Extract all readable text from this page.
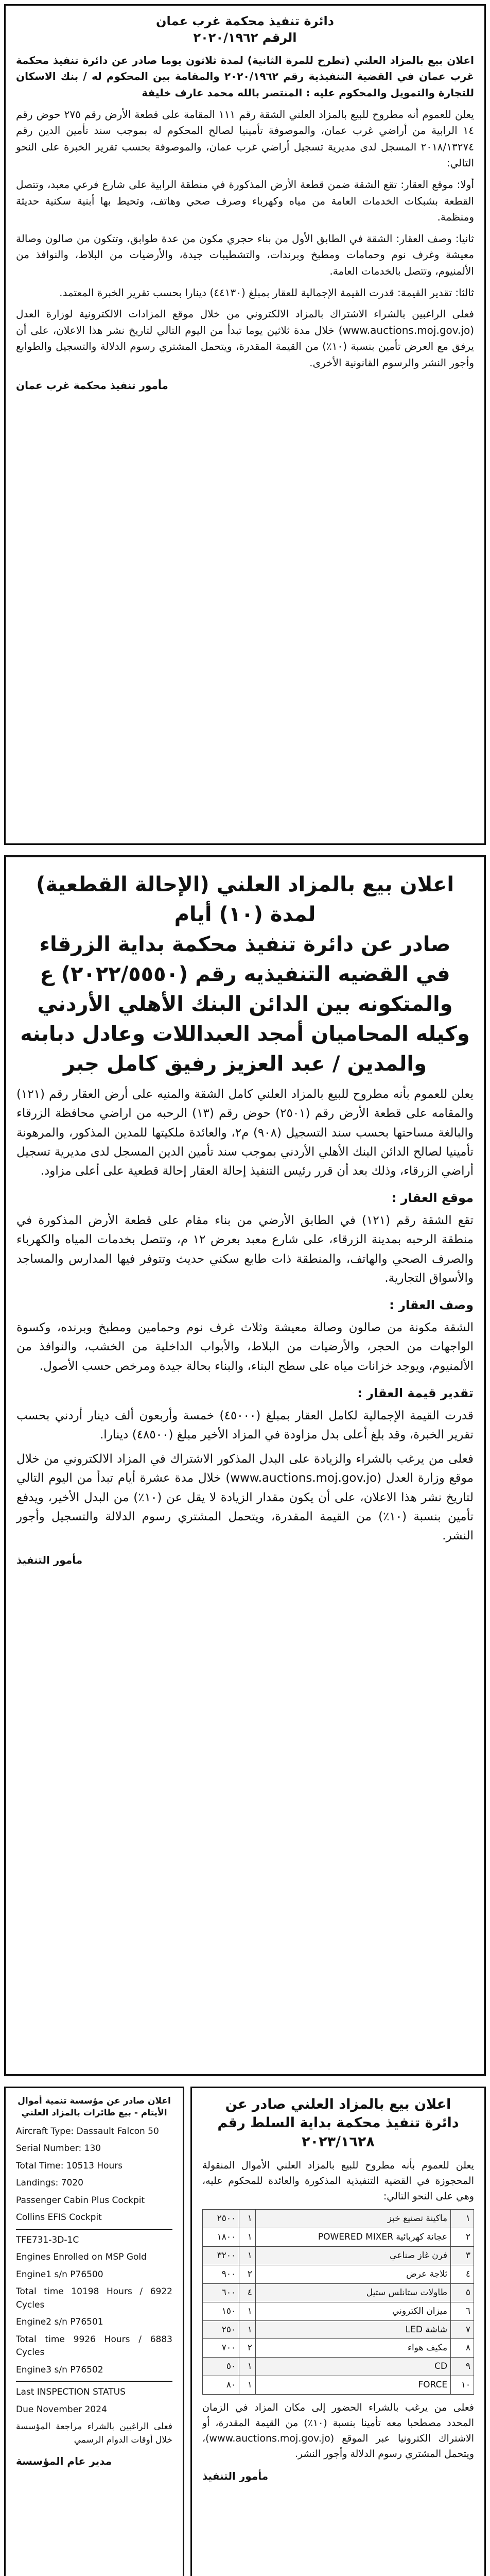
دائرة تنفيذ محكمة غرب عمان
الرقم ٢٠٢٠/١٩٦٢

اعلان بيع بالمزاد العلني (تطرح للمرة الثانية) لمدة ثلاثون يوما صادر عن دائرة تنفيذ محكمة غرب عمان في القضية التنفيذية رقم ٢٠٢٠/١٩٦٢ والمقامة بين المحكوم له / بنك الاسكان للتجارة والتمويل والمحكوم عليه : المنتصر بالله محمد عارف خليفة

يعلن للعموم أنه مطروح للبيع بالمزاد العلني الشقة رقم ١١١ المقامة على قطعة الأرض رقم ٢٧٥ حوض رقم ١٤ الرابية من أراضي غرب عمان، والموصوفة تأمينيا لصالح المحكوم له بموجب سند تأمين الدين رقم ٢٠١٨/١٣٢٧٤ المسجل لدى مديرية تسجيل أراضي غرب عمان، والموصوفة بحسب تقرير الخبرة على النحو التالي:

أولا: موقع العقار: تقع الشقة ضمن قطعة الأرض المذكورة في منطقة الرابية على شارع فرعي معبد، وتتصل القطعة بشبكات الخدمات العامة من مياه وكهرباء وصرف صحي وهاتف، وتحيط بها أبنية سكنية حديثة ومنظمة.

ثانيا: وصف العقار: الشقة في الطابق الأول من بناء حجري مكون من عدة طوابق، وتتكون من صالون وصالة معيشة وغرف نوم وحمامات ومطبخ وبرندات، والتشطيبات جيدة، والأرضيات من البلاط، والنوافذ من الألمنيوم، وتتصل بالخدمات العامة.

ثالثا: تقدير القيمة: قدرت القيمة الإجمالية للعقار بمبلغ (٤٤١٣٠) دينارا بحسب تقرير الخبرة المعتمد.

فعلى الراغبين بالشراء الاشتراك بالمزاد الالكتروني من خلال موقع المزادات الالكترونية لوزارة العدل (www.auctions.moj.gov.jo) خلال مدة ثلاثين يوما تبدأ من اليوم التالي لتاريخ نشر هذا الاعلان، على أن يرفق مع العرض تأمين بنسبة (١٠٪) من القيمة المقدرة، ويتحمل المشتري رسوم الدلالة والتسجيل والطوابع وأجور النشر والرسوم القانونية الأخرى.

مأمور تنفيذ محكمة غرب عمان
اعلان بيع بالمزاد العلني (الإحالة القطعية) لمدة (١٠) أيام
صادر عن دائرة تنفيذ محكمة بداية الزرقاء
في القضيه التنفيذيه رقم (٢٠٢٢/٥٥٥٠) ع
والمتكونه بين الدائن البنك الأهلي الأردني
وكيله المحاميان أمجد العبداللات وعادل دبابنه
والمدين / عبد العزيز رفيق كامل جبر

يعلن للعموم بأنه مطروح للبيع بالمزاد العلني كامل الشقة والمنيه على أرض العقار رقم (١٢١) والمقامه على قطعة الأرض رقم (٢٥٠١) حوض رقم (١٣) الرحبه من اراضي محافظة الزرقاء والبالغة مساحتها بحسب سند التسجيل (٩٠٨) م٢، والعائدة ملكيتها للمدين المذكور، والمرهونة تأمينيا لصالح الدائن البنك الأهلي الأردني بموجب سند تأمين الدين المسجل لدى مديرية تسجيل أراضي الزرقاء، وذلك بعد أن قرر رئيس التنفيذ إحالة العقار إحالة قطعية على أعلى مزاود.

موقع العقار :

تقع الشقة رقم (١٢١) في الطابق الأرضي من بناء مقام على قطعة الأرض المذكورة في منطقة الرحبه بمدينة الزرقاء، على شارع معبد بعرض ١٢ م، وتتصل بخدمات المياه والكهرباء والصرف الصحي والهاتف، والمنطقة ذات طابع سكني حديث وتتوفر فيها المدارس والمساجد والأسواق التجارية.

وصف العقار :

الشقة مكونة من صالون وصالة معيشة وثلاث غرف نوم وحمامين ومطبخ وبرنده، وكسوة الواجهات من الحجر، والأرضيات من البلاط، والأبواب الداخلية من الخشب، والنوافذ من الألمنيوم، ويوجد خزانات مياه على سطح البناء، والبناء بحالة جيدة ومرخص حسب الأصول.

تقدير قيمة العقار :

قدرت القيمة الإجمالية لكامل العقار بمبلغ (٤٥٠٠٠) خمسة وأربعون ألف دينار أردني بحسب تقرير الخبرة، وقد بلغ أعلى بدل مزاودة في المزاد الأخير مبلغ (٤٨٥٠٠) دينارا.

فعلى من يرغب بالشراء والزيادة على البدل المذكور الاشتراك في المزاد الالكتروني من خلال موقع وزارة العدل (www.auctions.moj.gov.jo) خلال مدة عشرة أيام تبدأ من اليوم التالي لتاريخ نشر هذا الاعلان، على أن يكون مقدار الزيادة لا يقل عن (١٠٪) من البدل الأخير، ويدفع تأمين بنسبة (١٠٪) من القيمة المقدرة، ويتحمل المشتري رسوم الدلالة والتسجيل وأجور النشر.

مأمور التنفيذ
اعلان صادر عن مؤسسة تنمية أموال الأيتام - بيع طائرات بالمزاد العلني
Aircraft Type: Dassault Falcon 50
Serial Number: 130
Total Time: 10513 Hours
Landings: 7020
Passenger Cabin Plus Cockpit
Collins EFIS Cockpit
TFE731-3D-1C
Engines Enrolled on MSP Gold
Engine1 s/n P76500
Total time 10198 Hours / 6922 Cycles
Engine2 s/n P76501
Total time 9926 Hours / 6883 Cycles
Engine3 s/n P76502
Last INSPECTION STATUS
Due November 2024

فعلى الراغبين بالشراء مراجعة المؤسسة خلال أوقات الدوام الرسمي

مدير عام المؤسسة
اعلان بيع بالمزاد العلني صادر عن
دائرة تنفيذ محكمة بداية السلط رقم
٢٠٢٣/١٦٢٨

يعلن للعموم بأنه مطروح للبيع بالمزاد العلني الأموال المنقولة المحجوزة في القضية التنفيذية المذكورة والعائدة للمحكوم عليه، وهي على النحو التالي:

١	ماكينة تصنيع خبز	١	٢٥٠٠
٢	عجانة كهربائية POWERED MIXER	١	١٨٠٠
٣	فرن غاز صناعي	١	٣٢٠٠
٤	ثلاجة عرض	٢	٩٠٠
٥	طاولات ستانلس ستيل	٤	٦٠٠
٦	ميزان الكتروني	١	١٥٠
٧	شاشة LED	١	٢٥٠
٨	مكيف هواء	٢	٧٠٠
٩	CD	١	٥٠
١٠	FORCE	١	٨٠

فعلى من يرغب بالشراء الحضور إلى مكان المزاد في الزمان المحدد مصطحبا معه تأمينا بنسبة (١٠٪) من القيمة المقدرة، أو الاشتراك الكترونيا عبر الموقع (www.auctions.moj.gov.jo)، ويتحمل المشتري رسوم الدلالة وأجور النشر.

مأمور التنفيذ
